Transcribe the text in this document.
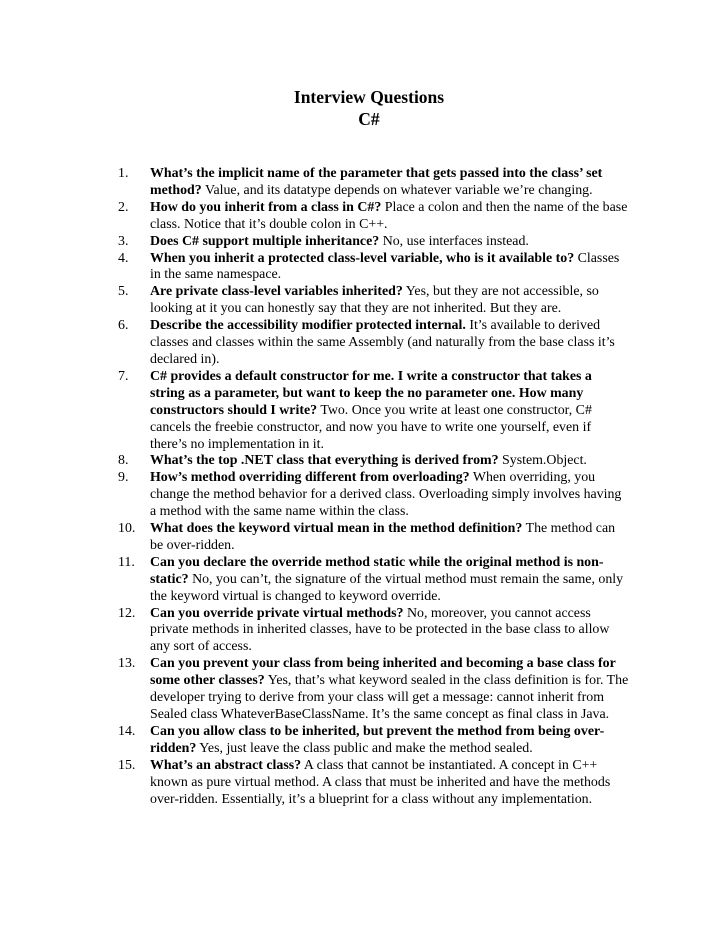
Interview Questions

C#

1.	What’s the implicit name of the parameter that gets passed into the class’ set method? Value, and its datatype depends on whatever variable we’re changing.
2.	How do you inherit from a class in C#? Place a colon and then the name of the base class. Notice that it’s double colon in C++.
3.	Does C# support multiple inheritance? No, use interfaces instead.
4.	When you inherit a protected class-level variable, who is it available to? Classes in the same namespace.
5.	Are private class-level variables inherited? Yes, but they are not accessible, so looking at it you can honestly say that they are not inherited. But they are.
6.	Describe the accessibility modifier protected internal. It’s available to derived classes and classes within the same Assembly (and naturally from the base class it’s declared in).
7.	C# provides a default constructor for me. I write a constructor that takes a string as a parameter, but want to keep the no parameter one. How many constructors should I write? Two. Once you write at least one constructor, C# cancels the freebie constructor, and now you have to write one yourself, even if there’s no implementation in it.
8.	What’s the top .NET class that everything is derived from? System.Object.
9.	How’s method overriding different from overloading? When overriding, you change the method behavior for a derived class. Overloading simply involves having a method with the same name within the class.
10.	What does the keyword virtual mean in the method definition? The method can be over-ridden.
11.	Can you declare the override method static while the original method is non-static? No, you can’t, the signature of the virtual method must remain the same, only the keyword virtual is changed to keyword override.
12.	Can you override private virtual methods? No, moreover, you cannot access private methods in inherited classes, have to be protected in the base class to allow any sort of access.
13.	Can you prevent your class from being inherited and becoming a base class for some other classes? Yes, that’s what keyword sealed in the class definition is for. The developer trying to derive from your class will get a message: cannot inherit from Sealed class WhateverBaseClassName. It’s the same concept as final class in Java.
14.	Can you allow class to be inherited, but prevent the method from being over-ridden? Yes, just leave the class public and make the method sealed.
15.	What’s an abstract class? A class that cannot be instantiated. A concept in C++ known as pure virtual method. A class that must be inherited and have the methods over-ridden. Essentially, it’s a blueprint for a class without any implementation.
